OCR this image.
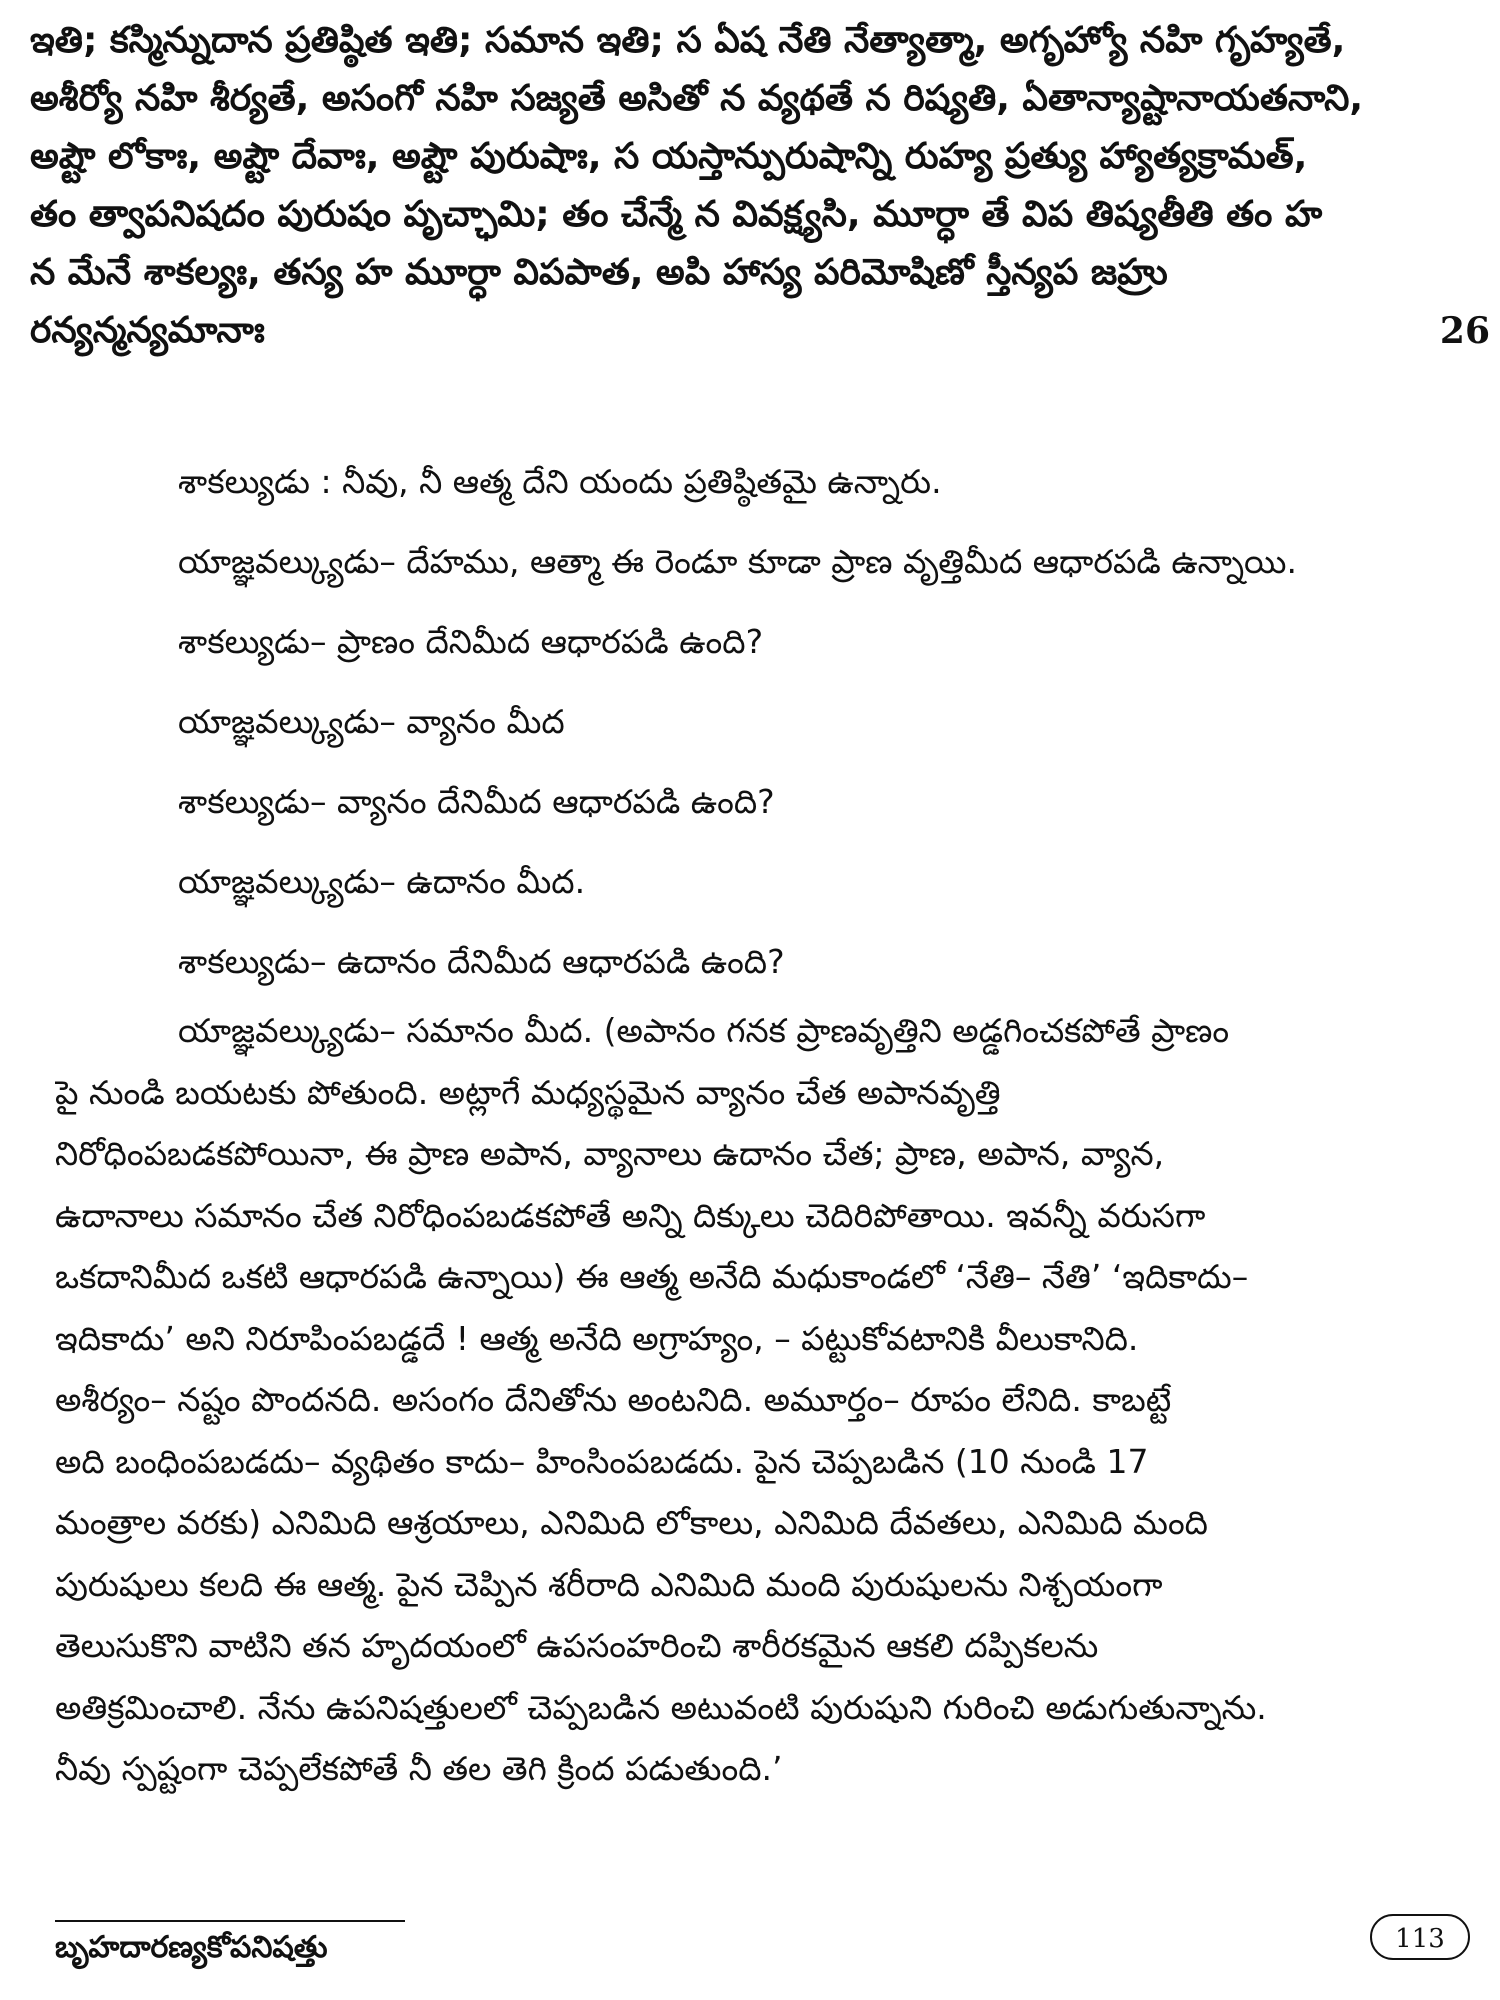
ఇతి; కస్మిన్నుదాన ప్రతిష్ఠిత ఇతి; సమాన ఇతి; స ఏష నేతి నేత్యాత్మా, అగృహ్యో నహి గృహ్యతే,
అశీర్యో నహి శీర్యతే, అసంగో నహి సజ్యతే అసితో న వ్యథతే న రిష్యతి, ఏతాన్యాష్టానాయతనాని,
అష్టౌ లోకాః, అష్టౌ దేవాః, అష్టౌ పురుషాః, స యస్తాన్పురుషాన్ని రుహ్య ప్రత్యు హ్యాత్యక్రామత్,
తం త్వాపనిషదం పురుషం పృచ్ఛామి; తం చేన్మే న వివక్ష్యసి, మూర్ధా తే విప తిష్యతీతి తం హ
న మేనే శాకల్యః, తస్య హ మూర్ధా విపపాత, అపి హాస్య పరిమోషిణో స్తీన్యప జహ్రు
రన్యన్మన్యమానాః	26
శాకల్యుడు : నీవు, నీ ఆత్మ దేని యందు ప్రతిష్ఠితమై ఉన్నారు.
యాజ్ఞవల్క్యుడు– దేహము, ఆత్మా ఈ రెండూ కూడా ప్రాణ వృత్తిమీద ఆధారపడి ఉన్నాయి.
శాకల్యుడు– ప్రాణం దేనిమీద ఆధారపడి ఉంది?
యాజ్ఞవల్క్యుడు– వ్యానం మీద
శాకల్యుడు– వ్యానం దేనిమీద ఆధారపడి ఉంది?
యాజ్ఞవల్క్యుడు– ఉదానం మీద.
శాకల్యుడు– ఉదానం దేనిమీద ఆధారపడి ఉంది?
యాజ్ఞవల్క్యుడు– సమానం మీద. (అపానం గనక ప్రాణవృత్తిని అడ్డగించకపోతే ప్రాణం
పై నుండి బయటకు పోతుంది. అట్లాగే మధ్యస్థమైన వ్యానం చేత అపానవృత్తి
నిరోధింపబడకపోయినా, ఈ ప్రాణ అపాన, వ్యానాలు ఉదానం చేత; ప్రాణ, అపాన, వ్యాన,
ఉదానాలు సమానం చేత నిరోధింపబడకపోతే అన్ని దిక్కులు చెదిరిపోతాయి. ఇవన్నీ వరుసగా
ఒకదానిమీద ఒకటి ఆధారపడి ఉన్నాయి) ఈ ఆత్మ అనేది మధుకాండలో ‘నేతి– నేతి’ ‘ఇదికాదు–
ఇదికాదు’ అని నిరూపింపబడ్డదే ! ఆత్మ అనేది అగ్రాహ్యం, – పట్టుకోవటానికి వీలుకానిది.
అశీర్యం– నష్టం పొందనది. అసంగం దేనితోను అంటనిది. అమూర్తం– రూపం లేనిది. కాబట్టే
అది బంధింపబడదు– వ్యథితం కాదు– హింసింపబడదు. పైన చెప్పబడిన (10 నుండి 17
మంత్రాల వరకు) ఎనిమిది ఆశ్రయాలు, ఎనిమిది లోకాలు, ఎనిమిది దేవతలు, ఎనిమిది మంది
పురుషులు కలది ఈ ఆత్మ. పైన చెప్పిన శరీరాది ఎనిమిది మంది పురుషులను నిశ్చయంగా
తెలుసుకొని వాటిని తన హృదయంలో ఉపసంహరించి శారీరకమైన ఆకలి దప్పికలను
అతిక్రమించాలి. నేను ఉపనిషత్తులలో చెప్పబడిన అటువంటి పురుషుని గురించి అడుగుతున్నాను.
నీవు స్పష్టంగా చెప్పలేకపోతే నీ తల తెగి క్రింద పడుతుంది.’
బృహదారణ్యకోపనిషత్తు	113
